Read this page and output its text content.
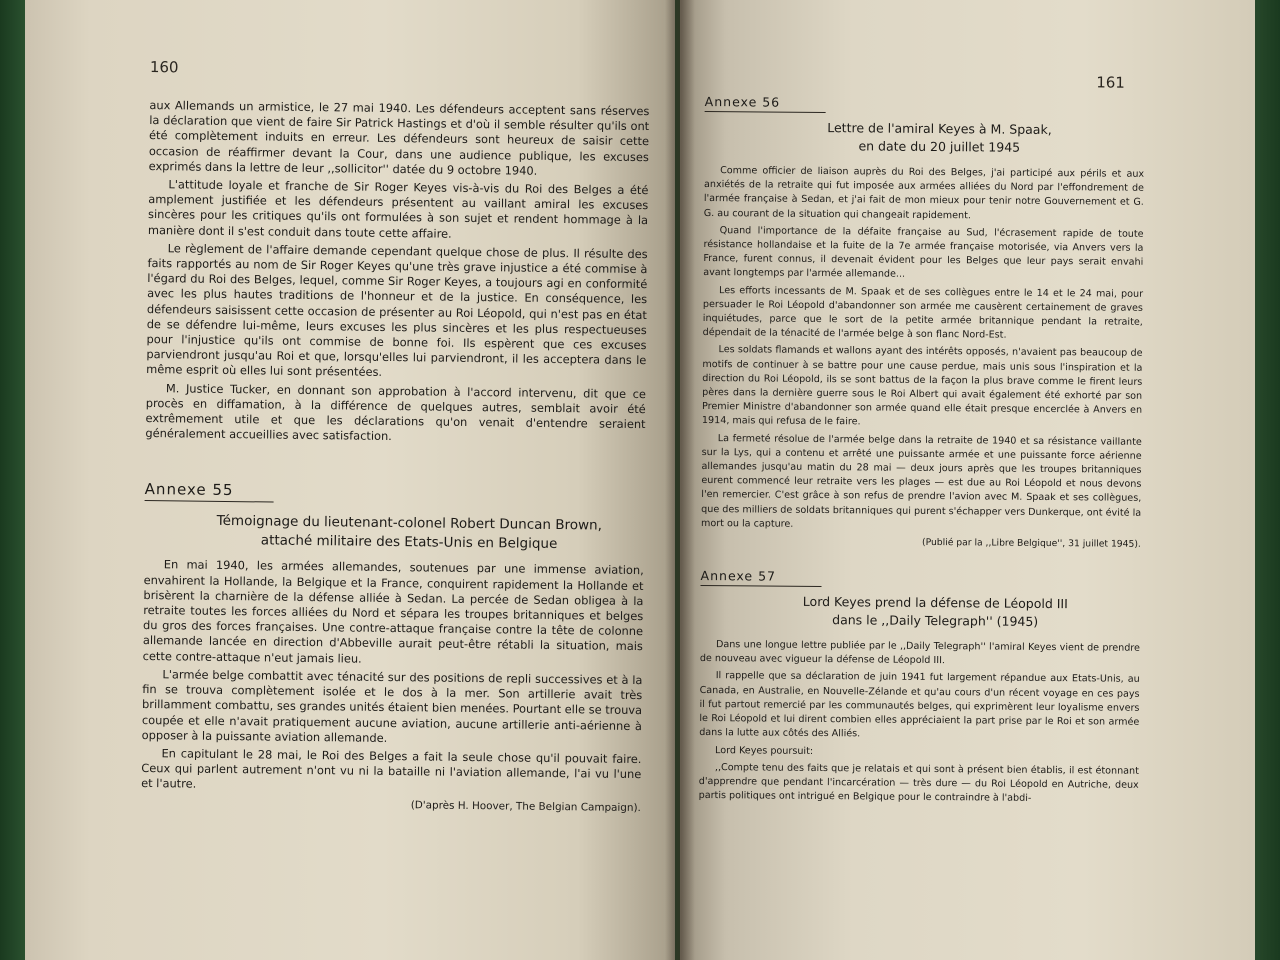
160

aux Allemands un armistice, le 27 mai 1940. Les défendeurs acceptent sans réserves la déclaration que vient de faire Sir Patrick Hastings et d'où il semble résulter qu'ils ont été complètement induits en erreur. Les défendeurs sont heureux de saisir cette occasion de réaffirmer devant la Cour, dans une audience publique, les excuses exprimés dans la lettre de leur ,,sollicitor'' datée du 9 octobre 1940.

L'attitude loyale et franche de Sir Roger Keyes vis-à-vis du Roi des Belges a été amplement justifiée et les défendeurs présentent au vaillant amiral les excuses sincères pour les critiques qu'ils ont formulées à son sujet et rendent hommage à la manière dont il s'est conduit dans toute cette affaire.

Le règlement de l'affaire demande cependant quelque chose de plus. Il résulte des faits rapportés au nom de Sir Roger Keyes qu'une très grave injustice a été commise à l'égard du Roi des Belges, lequel, comme Sir Roger Keyes, a toujours agi en conformité avec les plus hautes traditions de l'honneur et de la justice. En conséquence, les défendeurs saisissent cette occasion de présenter au Roi Léopold, qui n'est pas en état de se défendre lui-même, leurs excuses les plus sincères et les plus respectueuses pour l'injustice qu'ils ont commise de bonne foi. Ils espèrent que ces excuses parviendront jusqu'au Roi et que, lorsqu'elles lui parviendront, il les acceptera dans le même esprit où elles lui sont présentées.

M. Justice Tucker, en donnant son approbation à l'accord intervenu, dit que ce procès en diffamation, à la différence de quelques autres, semblait avoir été extrêmement utile et que les déclarations qu'on venait d'entendre seraient généralement accueillies avec satisfaction.

Annexe 55
Témoignage du lieutenant-colonel Robert Duncan Brown,
attaché militaire des Etats-Unis en Belgique

En mai 1940, les armées allemandes, soutenues par une immense aviation, envahirent la Hollande, la Belgique et la France, conquirent rapidement la Hollande et brisèrent la charnière de la défense alliée à Sedan. La percée de Sedan obligea à la retraite toutes les forces alliées du Nord et sépara les troupes britanniques et belges du gros des forces françaises. Une contre-attaque française contre la tête de colonne allemande lancée en direction d'Abbeville aurait peut-être rétabli la situation, mais cette contre-attaque n'eut jamais lieu.

L'armée belge combattit avec ténacité sur des positions de repli successives et à la fin se trouva complètement isolée et le dos à la mer. Son artillerie avait très brillamment combattu, ses grandes unités étaient bien menées. Pourtant elle se trouva coupée et elle n'avait pratiquement aucune aviation, aucune artillerie anti-aérienne à opposer à la puissante aviation allemande.

En capitulant le 28 mai, le Roi des Belges a fait la seule chose qu'il pouvait faire. Ceux qui parlent autrement n'ont vu ni la bataille ni l'aviation allemande, l'ai vu l'une et l'autre.

(D'après H. Hoover, The Belgian Campaign).

161
Annexe 56
Lettre de l'amiral Keyes à M. Spaak,
en date du 20 juillet 1945

Comme officier de liaison auprès du Roi des Belges, j'ai participé aux périls et aux anxiétés de la retraite qui fut imposée aux armées alliées du Nord par l'effondrement de l'armée française à Sedan, et j'ai fait de mon mieux pour tenir notre Gouvernement et G. G. au courant de la situation qui changeait rapidement.

Quand l'importance de la défaite française au Sud, l'écrasement rapide de toute résistance hollandaise et la fuite de la 7e armée française motorisée, via Anvers vers la France, furent connus, il devenait évident pour les Belges que leur pays serait envahi avant longtemps par l'armée allemande...

Les efforts incessants de M. Spaak et de ses collègues entre le 14 et le 24 mai, pour persuader le Roi Léopold d'abandonner son armée me causèrent certainement de graves inquiétudes, parce que le sort de la petite armée britannique pendant la retraite, dépendait de la ténacité de l'armée belge à son flanc Nord-Est.

Les soldats flamands et wallons ayant des intérêts opposés, n'avaient pas beaucoup de motifs de continuer à se battre pour une cause perdue, mais unis sous l'inspiration et la direction du Roi Léopold, ils se sont battus de la façon la plus brave comme le firent leurs pères dans la dernière guerre sous le Roi Albert qui avait également été exhorté par son Premier Ministre d'abandonner son armée quand elle était presque encerclée à Anvers en 1914, mais qui refusa de le faire.

La fermeté résolue de l'armée belge dans la retraite de 1940 et sa résistance vaillante sur la Lys, qui a contenu et arrêté une puissante armée et une puissante force aérienne allemandes jusqu'au matin du 28 mai — deux jours après que les troupes britanniques eurent commencé leur retraite vers les plages — est due au Roi Léopold et nous devons l'en remercier. C'est grâce à son refus de prendre l'avion avec M. Spaak et ses collègues, que des milliers de soldats britanniques qui purent s'échapper vers Dunkerque, ont évité la mort ou la capture.

(Publié par la ,,Libre Belgique'', 31 juillet 1945).

Annexe 57
Lord Keyes prend la défense de Léopold III
dans le ,,Daily Telegraph'' (1945)

Dans une longue lettre publiée par le ,,Daily Telegraph'' l'amiral Keyes vient de prendre de nouveau avec vigueur la défense de Léopold III.

Il rappelle que sa déclaration de juin 1941 fut largement répandue aux Etats-Unis, au Canada, en Australie, en Nouvelle-Zélande et qu'au cours d'un récent voyage en ces pays il fut partout remercié par les communautés belges, qui exprimèrent leur loyalisme envers le Roi Léopold et lui dirent combien elles appréciaient la part prise par le Roi et son armée dans la lutte aux côtés des Alliés.

Lord Keyes poursuit:

,,Compte tenu des faits que je relatais et qui sont à présent bien établis, il est étonnant d'apprendre que pendant l'incarcération — très dure — du Roi Léopold en Autriche, deux partis politiques ont intrigué en Belgique pour le contraindre à l'abdi-
